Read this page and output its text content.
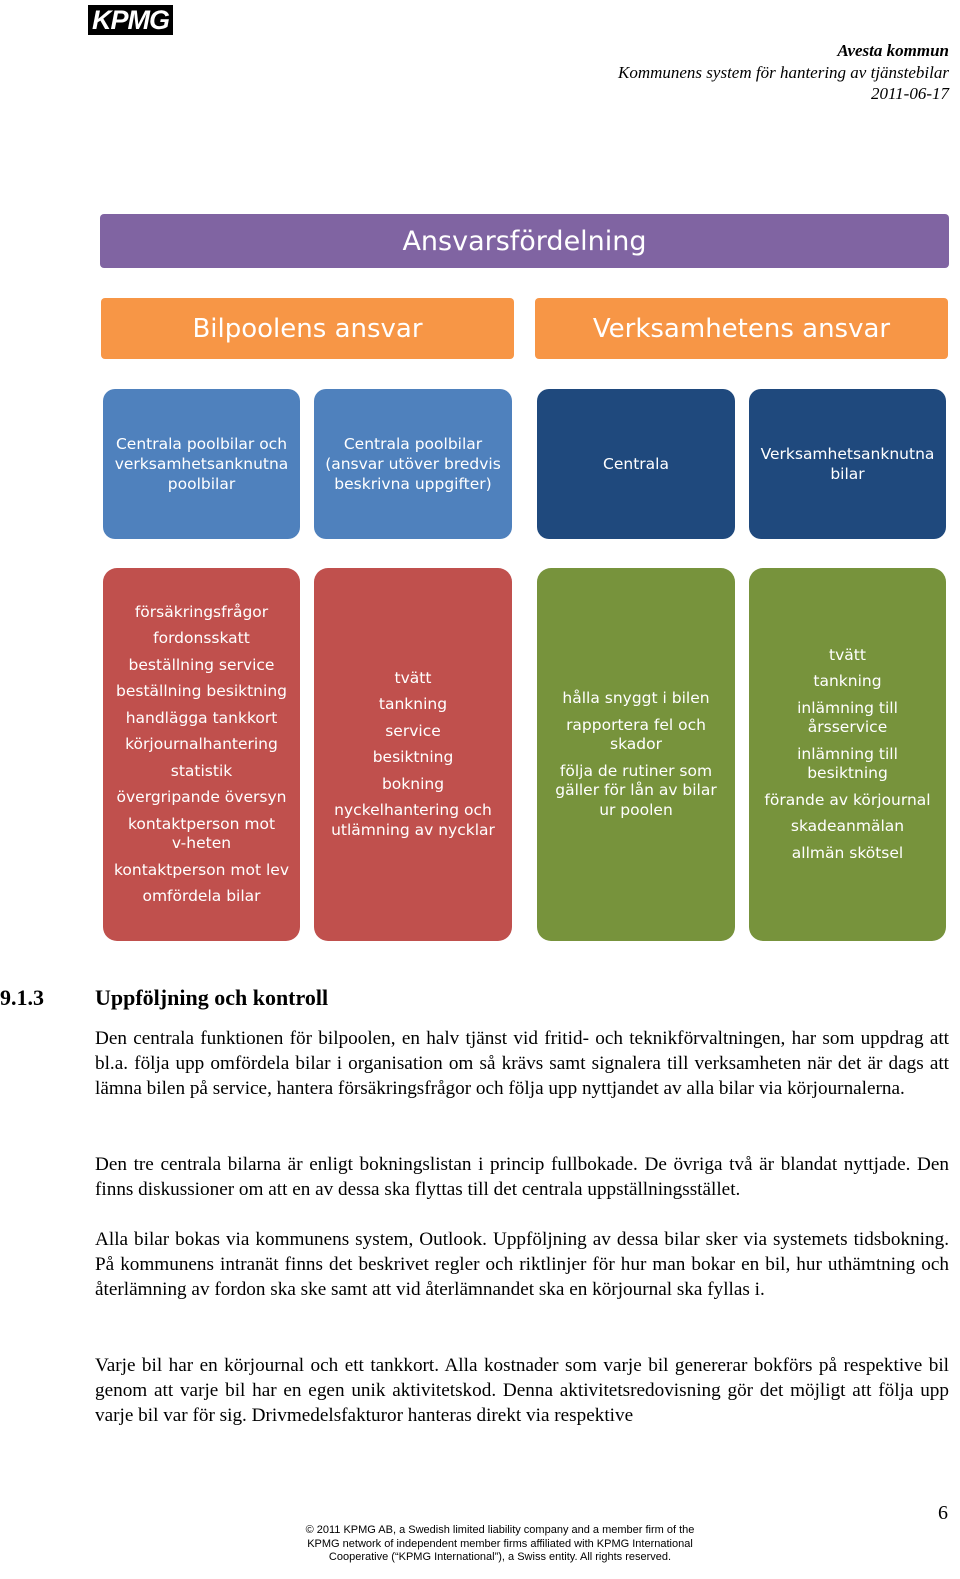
KPMG
Avesta kommun
Kommunens system för hantering av tjänstebilar
2011-06-17
Ansvarsfördelning
Bilpoolens ansvar	Verksamhetens ansvar
Centrala poolbilar och verksamhetsanknutna poolbilar
Centrala poolbilar (ansvar utöver bredvis beskrivna uppgifter)
Centrala
Verksamhetsanknutna bilar
försäkringsfrågor
fordonsskatt
beställning service
beställning besiktning
handlägga tankkort
körjournalhantering
statistik
övergripande översyn
kontaktperson mot v-heten
kontaktperson mot lev
omfördela bilar
tvätt
tankning
service
besiktning
bokning
nyckelhantering och utlämning av nycklar
hålla snyggt i bilen
rapportera fel och skador
följa de rutiner som gäller för lån av bilar ur poolen
tvätt
tankning
inlämning till årsservice
inlämning till besiktning
förande av körjournal
skadeanmälan
allmän skötsel
9.1.3 Uppföljning och kontroll

Den centrala funktionen för bilpoolen, en halv tjänst vid fritid- och teknikförvaltningen, har som uppdrag att bl.a. följa upp omfördela bilar i organisation om så krävs samt signalera till verksamheten när det är dags att lämna bilen på service, hantera försäkringsfrågor och följa upp nyttjandet av alla bilar via körjournalerna.

Den tre centrala bilarna är enligt bokningslistan i princip fullbokade. De övriga två är blandat nyttjade. Den finns diskussioner om att en av dessa ska flyttas till det centrala uppställningsstället.

Alla bilar bokas via kommunens system, Outlook. Uppföljning av dessa bilar sker via systemets tidsbokning. På kommunens intranät finns det beskrivet regler och riktlinjer för hur man bokar en bil, hur uthämtning och återlämning av fordon ska ske samt att vid återlämnandet ska en körjournal ska fyllas i.

Varje bil har en körjournal och ett tankkort. Alla kostnader som varje bil genererar bokförs på respektive bil genom att varje bil har en egen unik aktivitetskod. Denna aktivitetsredovisning gör det möjligt att följa upp varje bil var för sig. Drivmedelsfakturor hanteras direkt via respektive

© 2011 KPMG AB, a Swedish limited liability company and a member firm of the
KPMG network of independent member firms affiliated with KPMG International
Cooperative (“KPMG International”), a Swiss entity. All rights reserved.
6
